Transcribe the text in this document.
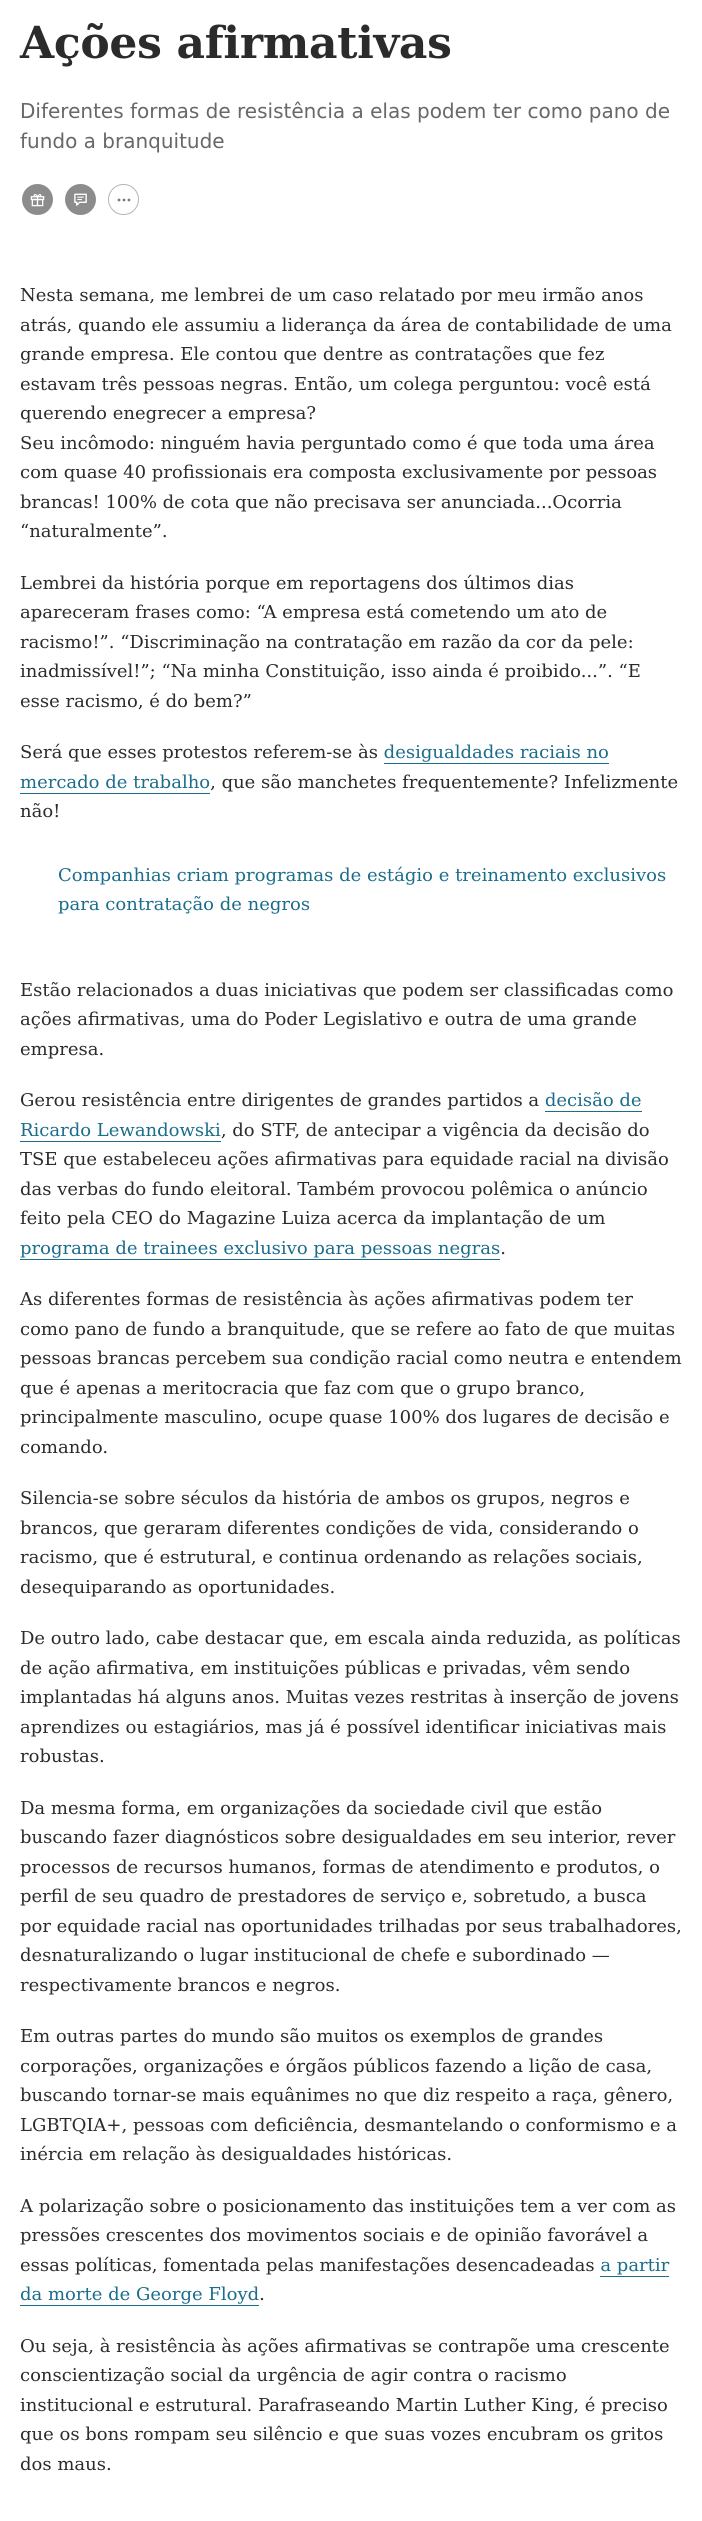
Ações afirmativas

Diferentes formas de resistência a elas podem ter como pano de fundo a branquitude

Nesta semana, me lembrei de um caso relatado por meu irmão anos atrás, quando ele assumiu a liderança da área de contabilidade de uma grande empresa. Ele contou que dentre as contratações que fez estavam três pessoas negras. Então, um colega perguntou: você está querendo enegrecer a empresa?
Seu incômodo: ninguém havia perguntado como é que toda uma área com quase 40 profissionais era composta exclusivamente por pessoas brancas! 100% de cota que não precisava ser anunciada...Ocorria “naturalmente”.

Lembrei da história porque em reportagens dos últimos dias apareceram frases como: “A empresa está cometendo um ato de racismo!”. “Discriminação na contratação em razão da cor da pele: inadmissível!”; “Na minha Constituição, isso ainda é proibido...”. “E esse racismo, é do bem?”

Será que esses protestos referem-se às desigualdades raciais no mercado de trabalho, que são manchetes frequentemente? Infelizmente não!

Companhias criam programas de estágio e treinamento exclusivos para contratação de negros

Estão relacionados a duas iniciativas que podem ser classificadas como ações afirmativas, uma do Poder Legislativo e outra de uma grande empresa.

Gerou resistência entre dirigentes de grandes partidos a decisão de Ricardo Lewandowski, do STF, de antecipar a vigência da decisão do TSE que estabeleceu ações afirmativas para equidade racial na divisão das verbas do fundo eleitoral. Também provocou polêmica o anúncio feito pela CEO do Magazine Luiza acerca da implantação de um programa de trainees exclusivo para pessoas negras.

As diferentes formas de resistência às ações afirmativas podem ter como pano de fundo a branquitude, que se refere ao fato de que muitas pessoas brancas percebem sua condição racial como neutra e entendem que é apenas a meritocracia que faz com que o grupo branco, principalmente masculino, ocupe quase 100% dos lugares de decisão e comando.

Silencia-se sobre séculos da história de ambos os grupos, negros e brancos, que geraram diferentes condições de vida, considerando o racismo, que é estrutural, e continua ordenando as relações sociais, desequiparando as oportunidades.

De outro lado, cabe destacar que, em escala ainda reduzida, as políticas de ação afirmativa, em instituições públicas e privadas, vêm sendo implantadas há alguns anos. Muitas vezes restritas à inserção de jovens aprendizes ou estagiários, mas já é possível identificar iniciativas mais robustas.

Da mesma forma, em organizações da sociedade civil que estão buscando fazer diagnósticos sobre desigualdades em seu interior, rever processos de recursos humanos, formas de atendimento e produtos, o perfil de seu quadro de prestadores de serviço e, sobretudo, a busca por equidade racial nas oportunidades trilhadas por seus trabalhadores, desnaturalizando o lugar institucional de chefe e subordinado —respectivamente brancos e negros.

Em outras partes do mundo são muitos os exemplos de grandes corporações, organizações e órgãos públicos fazendo a lição de casa, buscando tornar-se mais equânimes no que diz respeito a raça, gênero, LGBTQIA+, pessoas com deficiência, desmantelando o conformismo e a inércia em relação às desigualdades históricas.

A polarização sobre o posicionamento das instituições tem a ver com as pressões crescentes dos movimentos sociais e de opinião favorável a essas políticas, fomentada pelas manifestações desencadeadas a partir da morte de George Floyd.

Ou seja, à resistência às ações afirmativas se contrapõe uma crescente conscientização social da urgência de agir contra o racismo institucional e estrutural. Parafraseando Martin Luther King, é preciso que os bons rompam seu silêncio e que suas vozes encubram os gritos dos maus.
